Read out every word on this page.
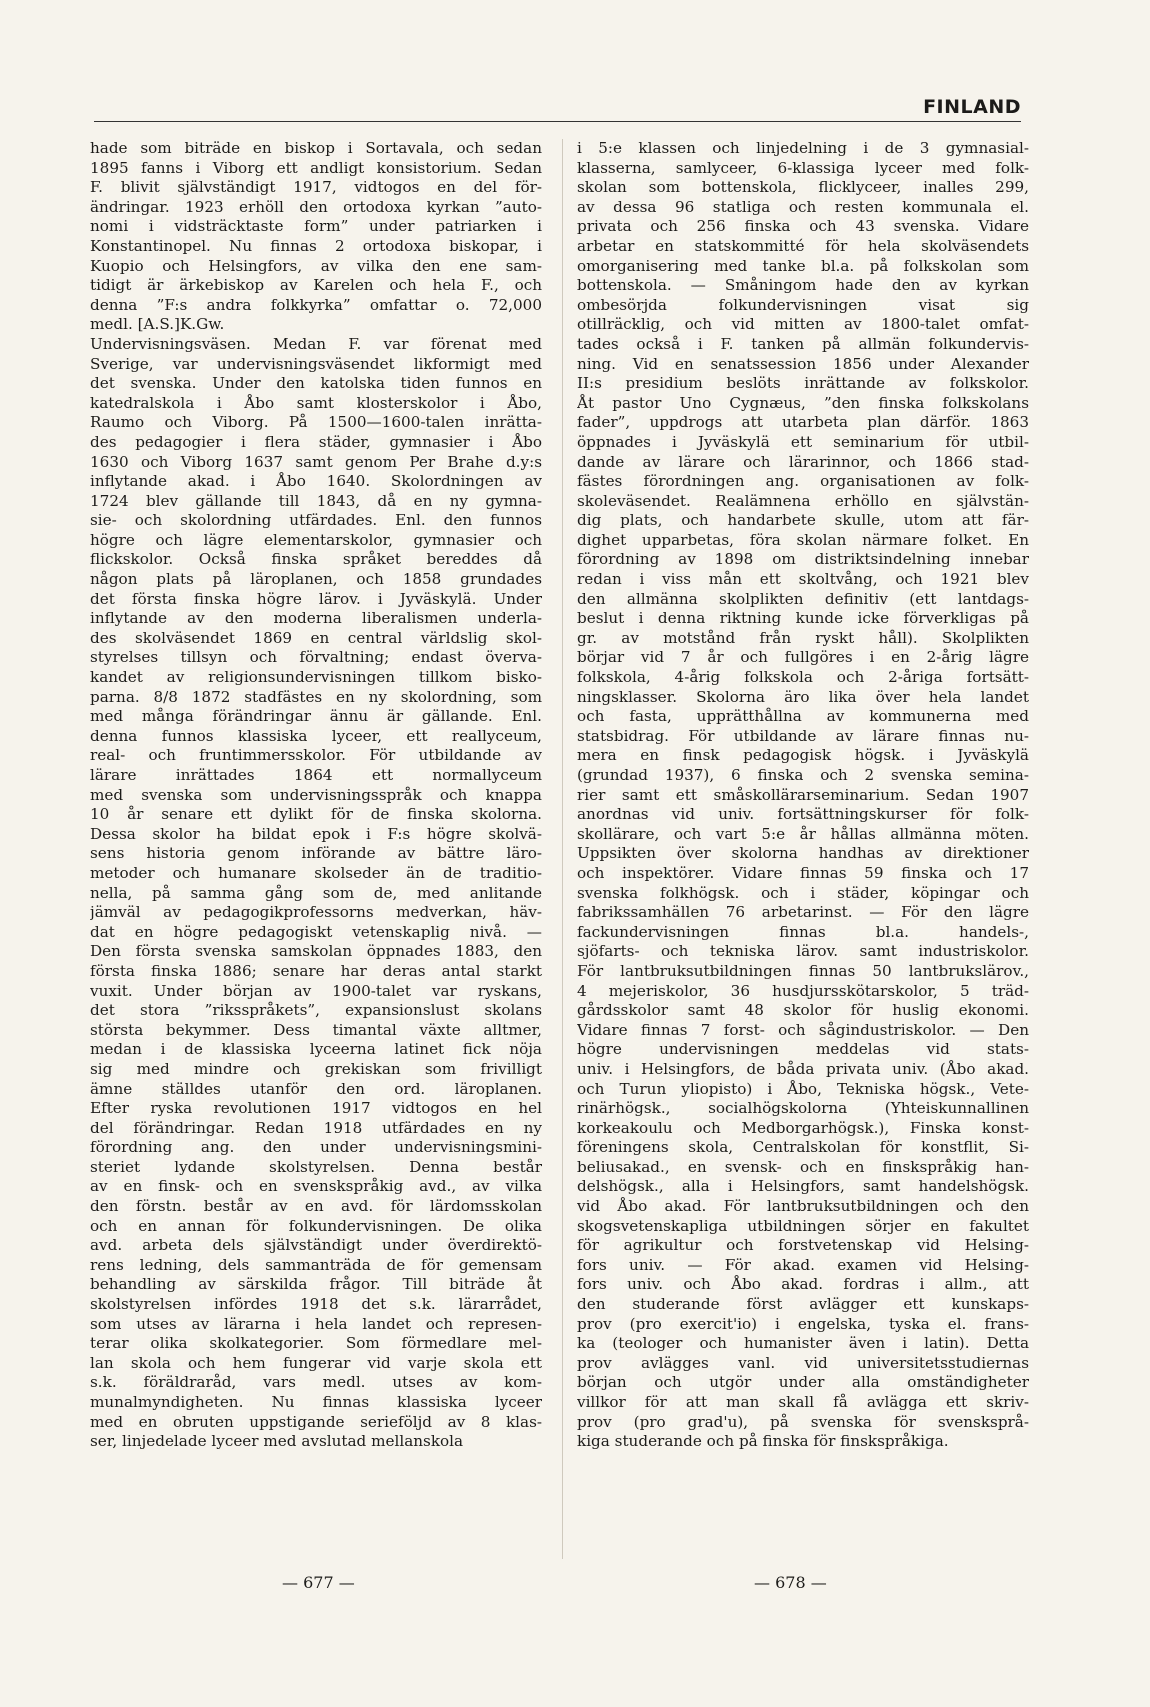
FINLAND
hade som biträde en biskop i Sortavala, och sedan
1895 fanns i Viborg ett andligt konsistorium. Sedan
F. blivit självständigt 1917, vidtogos en del för-
ändringar. 1923 erhöll den ortodoxa kyrkan ”auto-
nomi i vidsträcktaste form” under patriarken i
Konstantinopel. Nu finnas 2 ortodoxa biskopar, i
Kuopio och Helsingfors, av vilka den ene sam-
tidigt är ärkebiskop av Karelen och hela F., och
denna ”F:s andra folkkyrka” omfattar o. 72,000
medl. [A.S.]K.Gw.
Undervisningsväsen. Medan F. var förenat med
Sverige, var undervisningsväsendet likformigt med
det svenska. Under den katolska tiden funnos en
katedralskola i Åbo samt klosterskolor i Åbo,
Raumo och Viborg. På 1500—1600-talen inrätta-
des pedagogier i flera städer, gymnasier i Åbo
1630 och Viborg 1637 samt genom Per Brahe d.y:s
inflytande akad. i Åbo 1640. Skolordningen av
1724 blev gällande till 1843, då en ny gymna-
sie- och skolordning utfärdades. Enl. den funnos
högre och lägre elementarskolor, gymnasier och
flickskolor. Också finska språket bereddes då
någon plats på läroplanen, och 1858 grundades
det första finska högre lärov. i Jyväskylä. Under
inflytande av den moderna liberalismen underla-
des skolväsendet 1869 en central världslig skol-
styrelses tillsyn och förvaltning; endast överva-
kandet av religionsundervisningen tillkom bisko-
parna. 8/8 1872 stadfästes en ny skolordning, som
med många förändringar ännu är gällande. Enl.
denna funnos klassiska lyceer, ett reallyceum,
real- och fruntimmersskolor. För utbildande av
lärare inrättades 1864 ett normallyceum
med svenska som undervisningsspråk och knappa
10 år senare ett dylikt för de finska skolorna.
Dessa skolor ha bildat epok i F:s högre skolvä-
sens historia genom införande av bättre läro-
metoder och humanare skolseder än de traditio-
nella, på samma gång som de, med anlitande
jämväl av pedagogikprofessorns medverkan, häv-
dat en högre pedagogiskt vetenskaplig nivå. —
Den första svenska samskolan öppnades 1883, den
första finska 1886; senare har deras antal starkt
vuxit. Under början av 1900-talet var ryskans,
det stora ”riksspråkets”, expansionslust skolans
största bekymmer. Dess timantal växte alltmer,
medan i de klassiska lyceerna latinet fick nöja
sig med mindre och grekiskan som frivilligt
ämne ställdes utanför den ord. läroplanen.
Efter ryska revolutionen 1917 vidtogos en hel
del förändringar. Redan 1918 utfärdades en ny
förordning ang. den under undervisningsmini-
steriet lydande skolstyrelsen. Denna består
av en finsk- och en svenskspråkig avd., av vilka
den förstn. består av en avd. för lärdomsskolan
och en annan för folkundervisningen. De olika
avd. arbeta dels självständigt under överdirektö-
rens ledning, dels sammanträda de för gemensam
behandling av särskilda frågor. Till biträde åt
skolstyrelsen infördes 1918 det s.k. lärarrådet,
som utses av lärarna i hela landet och represen-
terar olika skolkategorier. Som förmedlare mel-
lan skola och hem fungerar vid varje skola ett
s.k. föräldraråd, vars medl. utses av kom-
munalmyndigheten. Nu finnas klassiska lyceer
med en obruten uppstigande seriefölјd av 8 klas-
ser, linjedelade lyceer med avslutad mellanskola
i 5:e klassen och linjedelning i de 3 gymnasial-
klasserna, samlyceer, 6-klassiga lyceer med folk-
skolan som bottenskola, flicklyceer, inalles 299,
av dessa 96 statliga och resten kommunala el.
privata och 256 finska och 43 svenska. Vidare
arbetar en statskommitté för hela skolväsendets
omorganisering med tanke bl.a. på folkskolan som
bottenskola. — Småningom hade den av kyrkan
ombesörjda folkundervisningen visat sig
otillräcklig, och vid mitten av 1800-talet omfat-
tades också i F. tanken på allmän folkundervis-
ning. Vid en senatssession 1856 under Alexander
II:s presidium beslöts inrättande av folkskolor.
Åt pastor Uno Cygnæus, ”den finska folkskolans
fader”, uppdrogs att utarbeta plan därför. 1863
öppnades i Jyväskylä ett seminarium för utbil-
dande av lärare och lärarinnor, och 1866 stad-
fästes förordningen ang. organisationen av folk-
skoleväsendet. Realämnena erhöllo en självstän-
dig plats, och handarbete skulle, utom att fär-
dighet upparbetas, föra skolan närmare folket. En
förordning av 1898 om distriktsindelning innebar
redan i viss mån ett skoltvång, och 1921 blev
den allmänna skolplikten definitiv (ett lantdags-
beslut i denna riktning kunde icke förverkligas på
gr. av motstånd från ryskt håll). Skolplikten
börjar vid 7 år och fullgöres i en 2-årig lägre
folkskola, 4-årig folkskola och 2-åriga fortsätt-
ningsklasser. Skolorna äro lika över hela landet
och fasta, upprätthållna av kommunerna med
statsbidrag. För utbildande av lärare finnas nu-
mera en finsk pedagogisk högsk. i Jyväskylä
(grundad 1937), 6 finska och 2 svenska semina-
rier samt ett småskollärarseminarium. Sedan 1907
anordnas vid univ. fortsättningskurser för folk-
skollärare, och vart 5:e år hållas allmänna möten.
Uppsikten över skolorna handhas av direktioner
och inspektörer. Vidare finnas 59 finska och 17
svenska folkhögsk. och i städer, köpingar och
fabrikssamhällen 76 arbetarinst. — För den lägre
fackundervisningen finnas bl.a. handels-,
sjöfarts- och tekniska lärov. samt industriskolor.
För lantbruksutbildningen finnas 50 lantbrukslärov.,
4 mejeriskolor, 36 husdjursskötarskolor, 5 träd-
gårdsskolor samt 48 skolor för huslig ekonomi.
Vidare finnas 7 forst- och sågindustriskolor. — Den
högre undervisningen meddelas vid stats-
univ. i Helsingfors, de båda privata univ. (Åbo akad.
och Turun yliopisto) i Åbo, Tekniska högsk., Vete-
rinärhögsk., socialhögskolorna (Yhteiskunnallinen
korkeakoulu och Medborgarhögsk.), Finska konst-
föreningens skola, Centralskolan för konstflit, Si-
beliusakad., en svensk- och en finskspråkig han-
delshögsk., alla i Helsingfors, samt handelshögsk.
vid Åbo akad. För lantbruksutbildningen och den
skogsvetenskapliga utbildningen sörjer en fakultet
för agrikultur och forstvetenskap vid Helsing-
fors univ. — För akad. examen vid Helsing-
fors univ. och Åbo akad. fordras i allm., att
den studerande först avlägger ett kunskaps-
prov (pro exercit'io) i engelska, tyska el. frans-
ka (teologer och humanister även i latin). Detta
prov avlägges vanl. vid universitetsstudiernas
början och utgör under alla omständigheter
villkor för att man skall få avlägga ett skriv-
prov (pro grad'u), på svenska för svensksprå-
kiga studerande och på finska för finskspråkiga.
— 677 —	— 678 —
